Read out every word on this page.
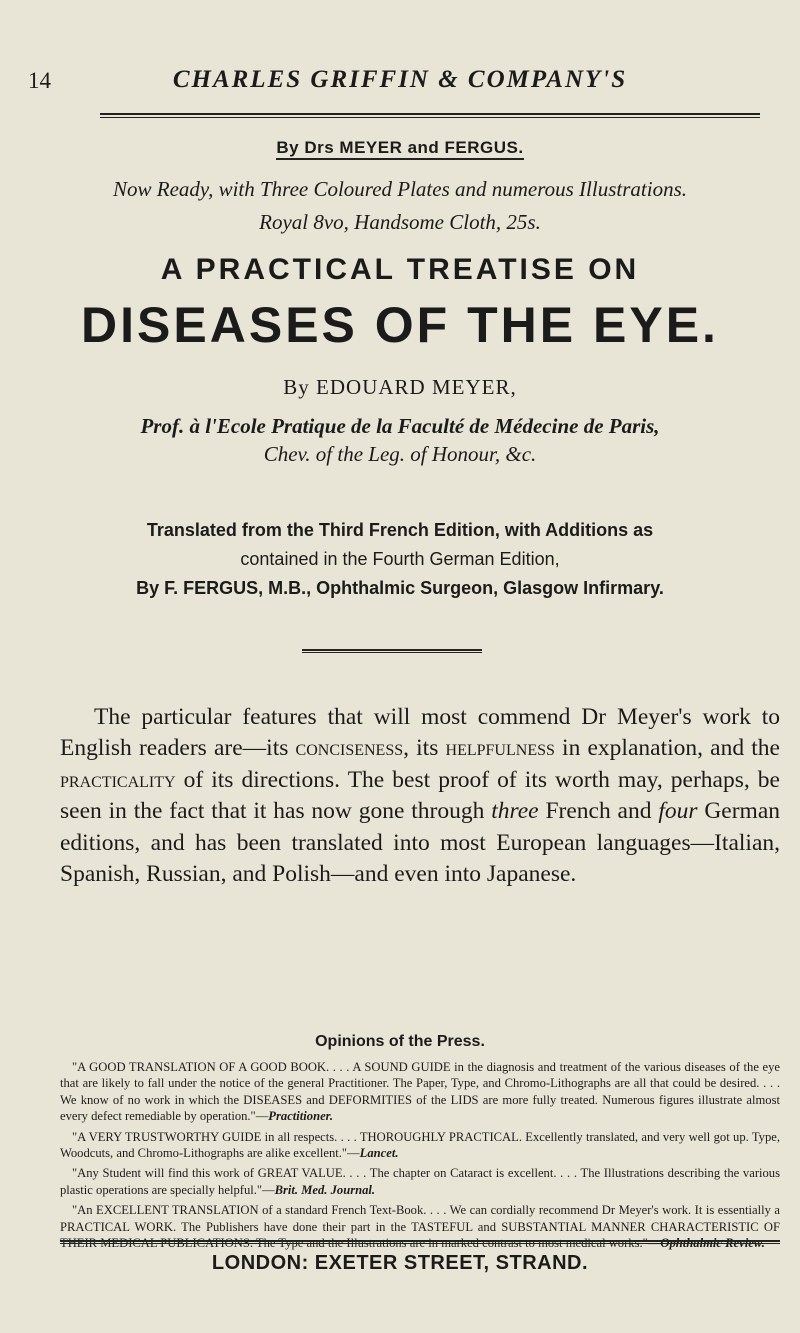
14	CHARLES GRIFFIN & COMPANY'S
By Drs MEYER and FERGUS.
Now Ready, with Three Coloured Plates and numerous Illustrations.
Royal 8vo, Handsome Cloth, 25s.
A PRACTICAL TREATISE ON
DISEASES OF THE EYE.
By EDOUARD MEYER,
Prof. à l'Ecole Pratique de la Faculté de Médecine de Paris,
Chev. of the Leg. of Honour, &c.
Translated from the Third French Edition, with Additions as
contained in the Fourth German Edition,
By F. FERGUS, M.B., Ophthalmic Surgeon, Glasgow Infirmary.

The particular features that will most commend Dr Meyer's work to English readers are—its conciseness, its helpfulness in explanation, and the practicality of its directions. The best proof of its worth may, perhaps, be seen in the fact that it has now gone through three French and four German editions, and has been translated into most European languages—Italian, Spanish, Russian, and Polish—and even into Japanese.

Opinions of the Press.

"A GOOD TRANSLATION OF A GOOD BOOK. . . . A SOUND GUIDE in the diagnosis and treatment of the various diseases of the eye that are likely to fall under the notice of the general Practitioner. The Paper, Type, and Chromo-Lithographs are all that could be desired. . . . We know of no work in which the DISEASES and DEFORMITIES of the LIDS are more fully treated. Numerous figures illustrate almost every defect remediable by operation."—Practitioner.

"A VERY TRUSTWORTHY GUIDE in all respects. . . . THOROUGHLY PRACTICAL. Excellently translated, and very well got up. Type, Woodcuts, and Chromo-Lithographs are alike excellent."—Lancet.

"Any Student will find this work of GREAT VALUE. . . . The chapter on Cataract is excellent. . . . The Illustrations describing the various plastic operations are specially helpful."—Brit. Med. Journal.

"An EXCELLENT TRANSLATION of a standard French Text-Book. . . . We can cordially recommend Dr Meyer's work. It is essentially a PRACTICAL WORK. The Publishers have done their part in the TASTEFUL and SUBSTANTIAL MANNER CHARACTERISTIC OF THEIR MEDICAL PUBLICATIONS. The Type and the Illustrations are in marked contrast to most medical works."—Ophthalmic Review.

LONDON: EXETER STREET, STRAND.
